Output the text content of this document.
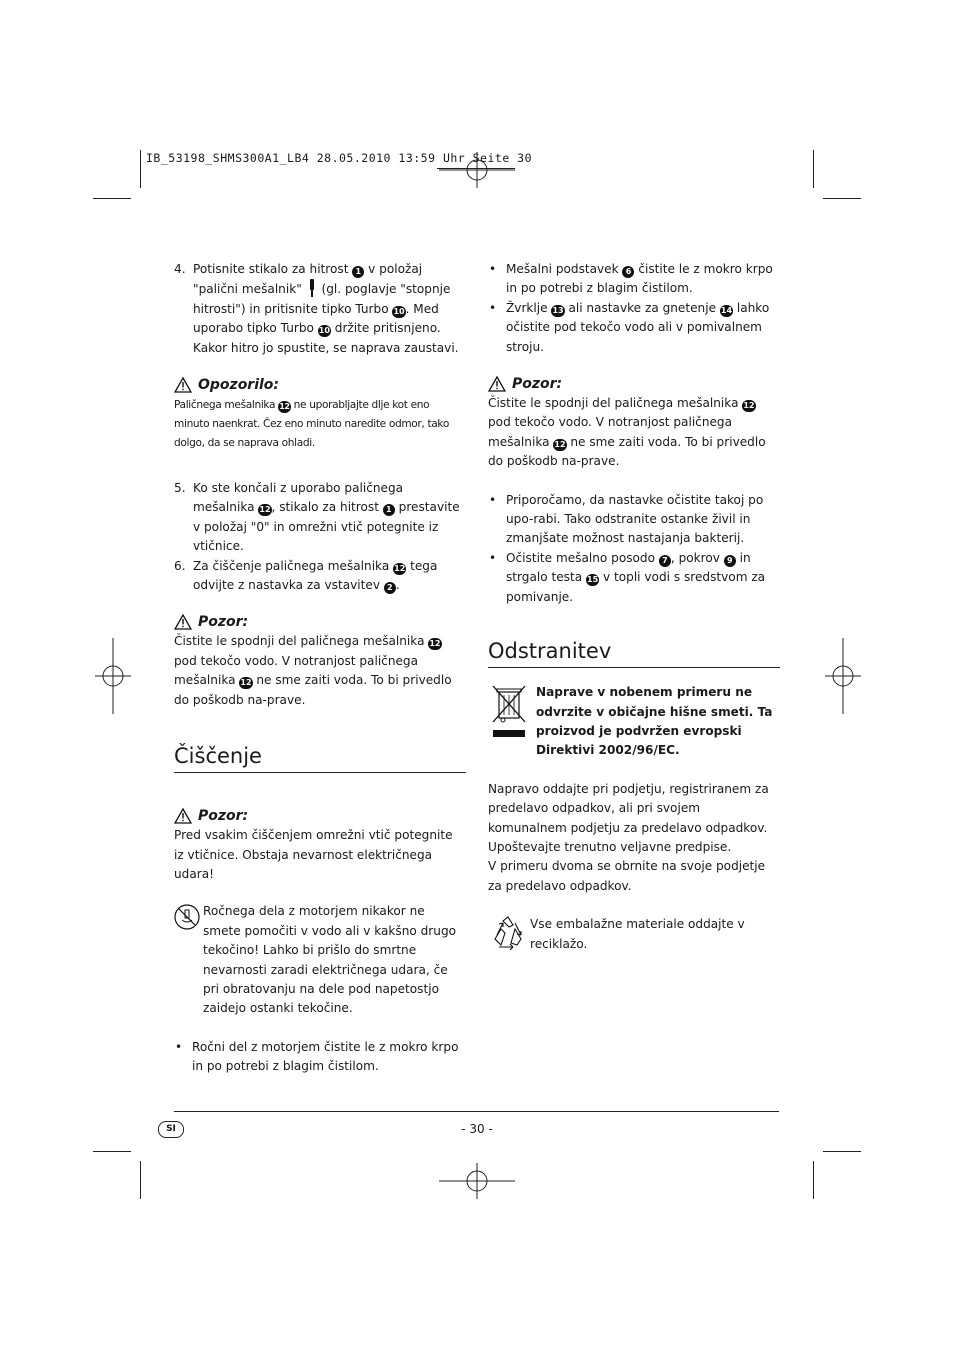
IB_53198_SHMS300A1_LB4 28.05.2010 13:59 Uhr Seite 30
4. Potisnite stikalo za hitrost 1 v položaj "palični mešalnik" (gl. poglavje "stopnje hitrosti") in pritisnite tipko Turbo 10. Med uporabo tipko Turbo 10 držite pritisnjeno. Kakor hitro jo spustite, se naprava zaustavi.
Opozorilo:
Paličnega mešalnika 12 ne uporabljajte dlje kot eno minuto naenkrat. Čez eno minuto naredite odmor, tako dolgo, da se naprava ohladi.
5. Ko ste končali z uporabo paličnega mešalnika 12, stikalo za hitrost 1 prestavite v položaj "0" in omrežni vtič potegnite iz vtičnice.
6. Za čiščenje paličnega mešalnika 12 tega odvijte z nastavka za vstavitev 2 .
Pozor:
Čistite le spodnji del paličnega mešalnika 12 pod tekočo vodo. V notranjost paličnega mešalnika 12 ne sme zaiti voda. To bi privedlo do poškodb na-prave.
Čiščenje
Pozor:
Pred vsakim čiščenjem omrežni vtič potegnite iz vtičnice. Obstaja nevarnost električnega udara!
Ročnega dela z motorjem nikakor ne smete pomočiti v vodo ali v kakšno drugo tekočino! Lahko bi prišlo do smrtne nevarnosti zaradi električnega udara, če pri obratovanju na dele pod napetostjo zaidejo ostanki tekočine.
• Ročni del z motorjem čistite le z mokro krpo in po potrebi z blagim čistilom.
• Mešalni podstavek 6 čistite le z mokro krpo in po potrebi z blagim čistilom.
• Žvrklje 13 ali nastavke za gnetenje 14 lahko očistite pod tekočo vodo ali v pomivalnem stroju.
Pozor:
Čistite le spodnji del paličnega mešalnika 12 pod tekočo vodo. V notranjost paličnega mešalnika 12 ne sme zaiti voda. To bi privedlo do poškodb na-prave.
• Priporočamo, da nastavke očistite takoj po upo-rabi. Tako odstranite ostanke živil in zmanjšate možnost nastajanja bakterij.
• Očistite mešalno posodo 7 , pokrov 9 in strgalo testa 15 v topli vodi s sredstvom za pomivanje.
Odstranitev
Naprave v nobenem primeru ne odvrzite v običajne hišne smeti. Ta proizvod je podvržen evropski Direktivi 2002/96/EC.
Napravo oddajte pri podjetju, registriranem za predelavo odpadkov, ali pri svojem komunalnem podjetju za predelavo odpadkov.
Upoštevajte trenutno veljavne predpise.
V primeru dvoma se obrnite na svoje podjetje za predelavo odpadkov.
Vse embalažne materiale oddajte v reciklažo.
SI	- 30 -
